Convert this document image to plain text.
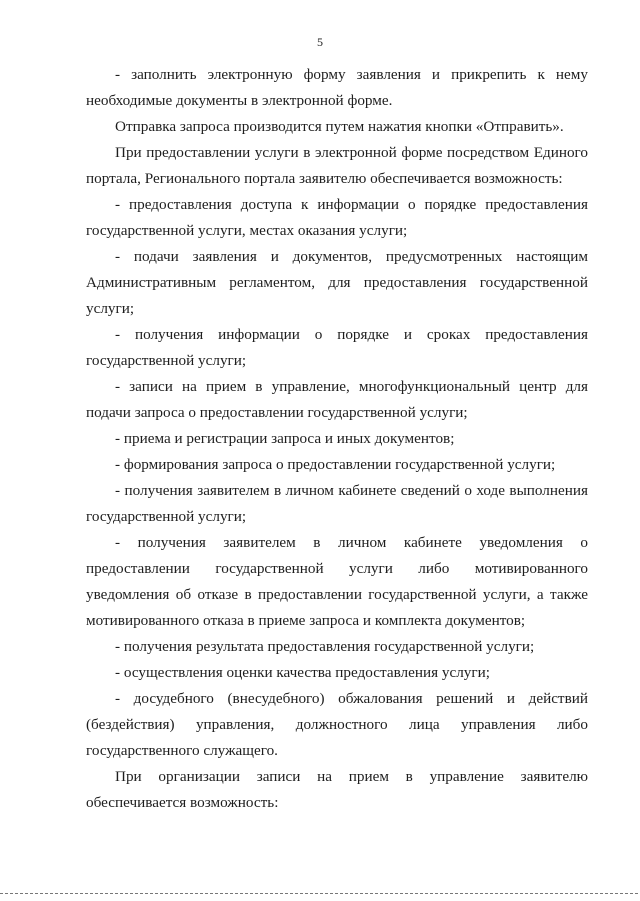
5

- заполнить электронную форму заявления и прикрепить к нему необходимые документы в электронной форме.

Отправка запроса производится путем нажатия кнопки «Отправить».

При предоставлении услуги в электронной форме посредством Единого портала, Регионального портала заявителю обеспечивается возможность:

- предоставления доступа к информации о порядке предоставления государственной услуги, местах оказания услуги;

- подачи заявления и документов, предусмотренных настоящим Административным регламентом, для предоставления государственной услуги;

- получения информации о порядке и сроках предоставления государственной услуги;

- записи на прием в управление, многофункциональный центр для подачи запроса о предоставлении государственной услуги;

- приема и регистрации запроса и иных документов;

- формирования запроса о предоставлении государственной услуги;

- получения заявителем в личном кабинете сведений о ходе выполнения государственной услуги;

- получения заявителем в личном кабинете уведомления о предоставлении государственной услуги либо мотивированного уведомления об отказе в предоставлении государственной услуги, а также мотивированного отказа в приеме запроса и комплекта документов;

- получения результата предоставления государственной услуги;

- осуществления оценки качества предоставления услуги;

- досудебного (внесудебного) обжалования решений и действий (бездействия) управления, должностного лица управления либо государственного служащего.

При организации записи на прием в управление заявителю обеспечивается возможность:
